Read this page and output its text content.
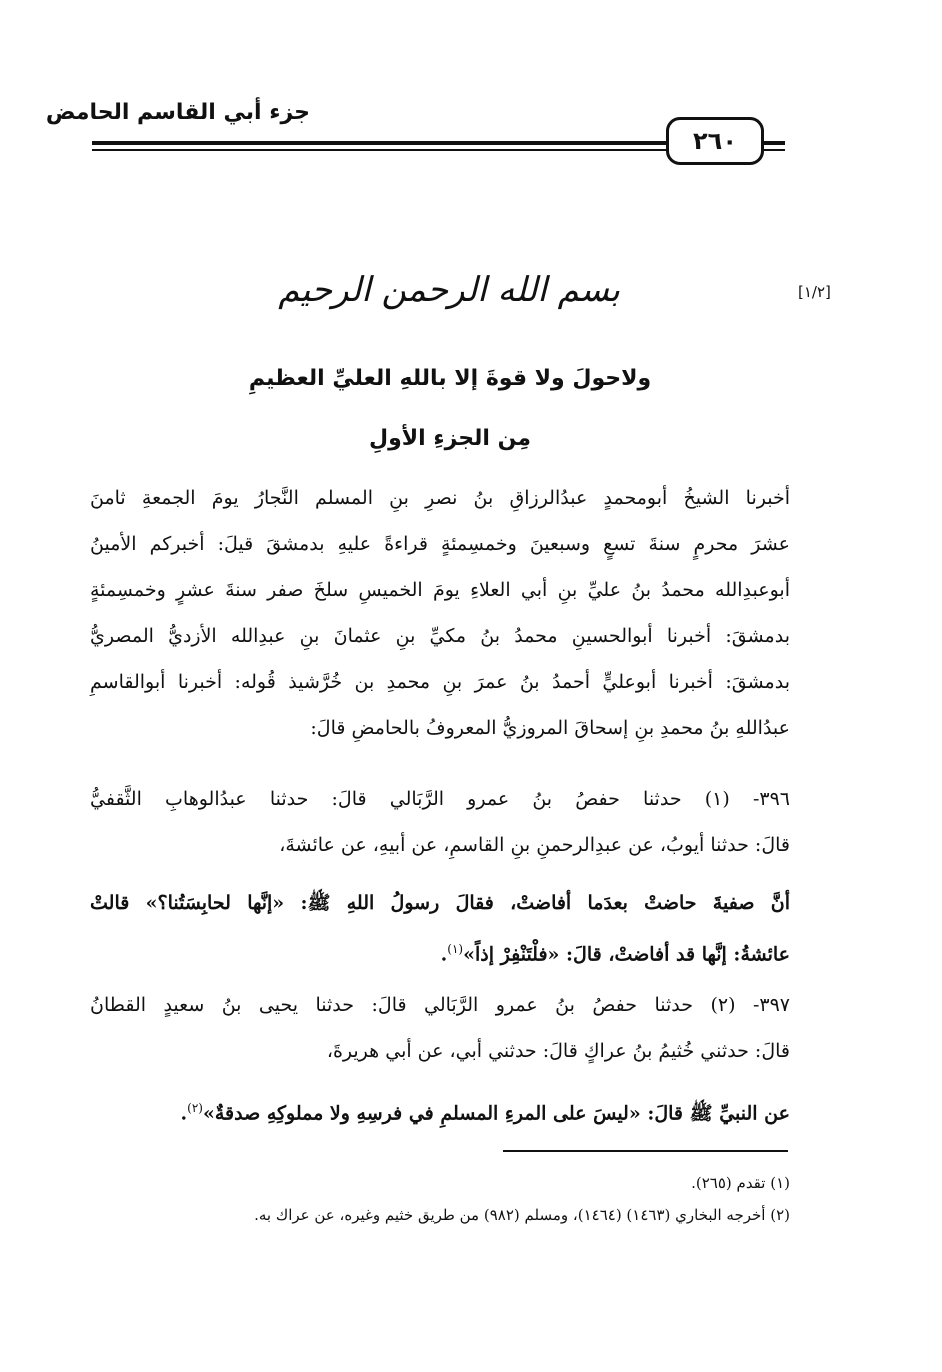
جزء أبي القاسم الحامض
٢٦٠
[١/٢]
بسم الله الرحمن الرحيم
ولاحولَ ولا قوةَ إلا باللهِ العليِّ العظيمِ
مِن الجزءِ الأولِ
أخبرنا الشيخُ أبومحمدٍ عبدُالرزاقِ بنُ نصرِ بنِ المسلم النَّجارُ يومَ الجمعةِ ثامنَ
عشرَ محرمٍ سنةَ تسعٍ وسبعينَ وخمسِمئةٍ قراءةً عليهِ بدمشقَ قيلَ: أخبركم الأمينُ
أبوعبدِالله محمدُ بنُ عليِّ بنِ أبي العلاءِ يومَ الخميسِ سلخَ صفر سنةَ عشرٍ وخمسِمئةٍ
بدمشقَ: أخبرنا أبوالحسينِ محمدُ بنُ مكيِّ بنِ عثمانَ بنِ عبدِالله الأزديُّ المصريُّ
بدمشقَ: أخبرنا أبوعليٍّ أحمدُ بنُ عمرَ بنِ محمدِ بن خُرَّشيذ قُوله: أخبرنا أبوالقاسمِ
عبدُاللهِ بنُ محمدِ بنِ إسحاقَ المروزيُّ المعروفُ بالحامضِ قالَ:
٣٩٦- (١) حدثنا حفصُ بنُ عمرو الرَّبَالي قالَ: حدثنا عبدُالوهابِ الثَّقفيُّ
قالَ: حدثنا أيوبُ، عن عبدِالرحمنِ بنِ القاسمِ، عن أبيهِ، عن عائشةَ،
أنَّ صفيةَ حاضتْ بعدَما أفاضتْ، فقالَ رسولُ اللهِ ﷺ: «إنَّها لحابِسَتُنا؟» قالتْ
عائشةُ: إنَّها قد أفاضتْ، قالَ: «فلْتَنْفِرْ إذاً»$^{(١)}$.
٣٩٧- (٢) حدثنا حفصُ بنُ عمرو الرَّبَالي قالَ: حدثنا يحيى بنُ سعيدٍ القطانُ
قالَ: حدثني خُثيمُ بنُ عراكٍ قالَ: حدثني أبي، عن أبي هريرةَ،
عن النبيِّ ﷺ قالَ: «ليسَ على المرءِ المسلمِ في فرسِهِ ولا مملوكِهِ صدقةٌ»$^{(٢)}$.
(١) تقدم (٢٦٥).
(٢) أخرجه البخاري (١٤٦٣) (١٤٦٤)، ومسلم (٩٨٢) من طريق خثيم وغيره، عن عراك به.
